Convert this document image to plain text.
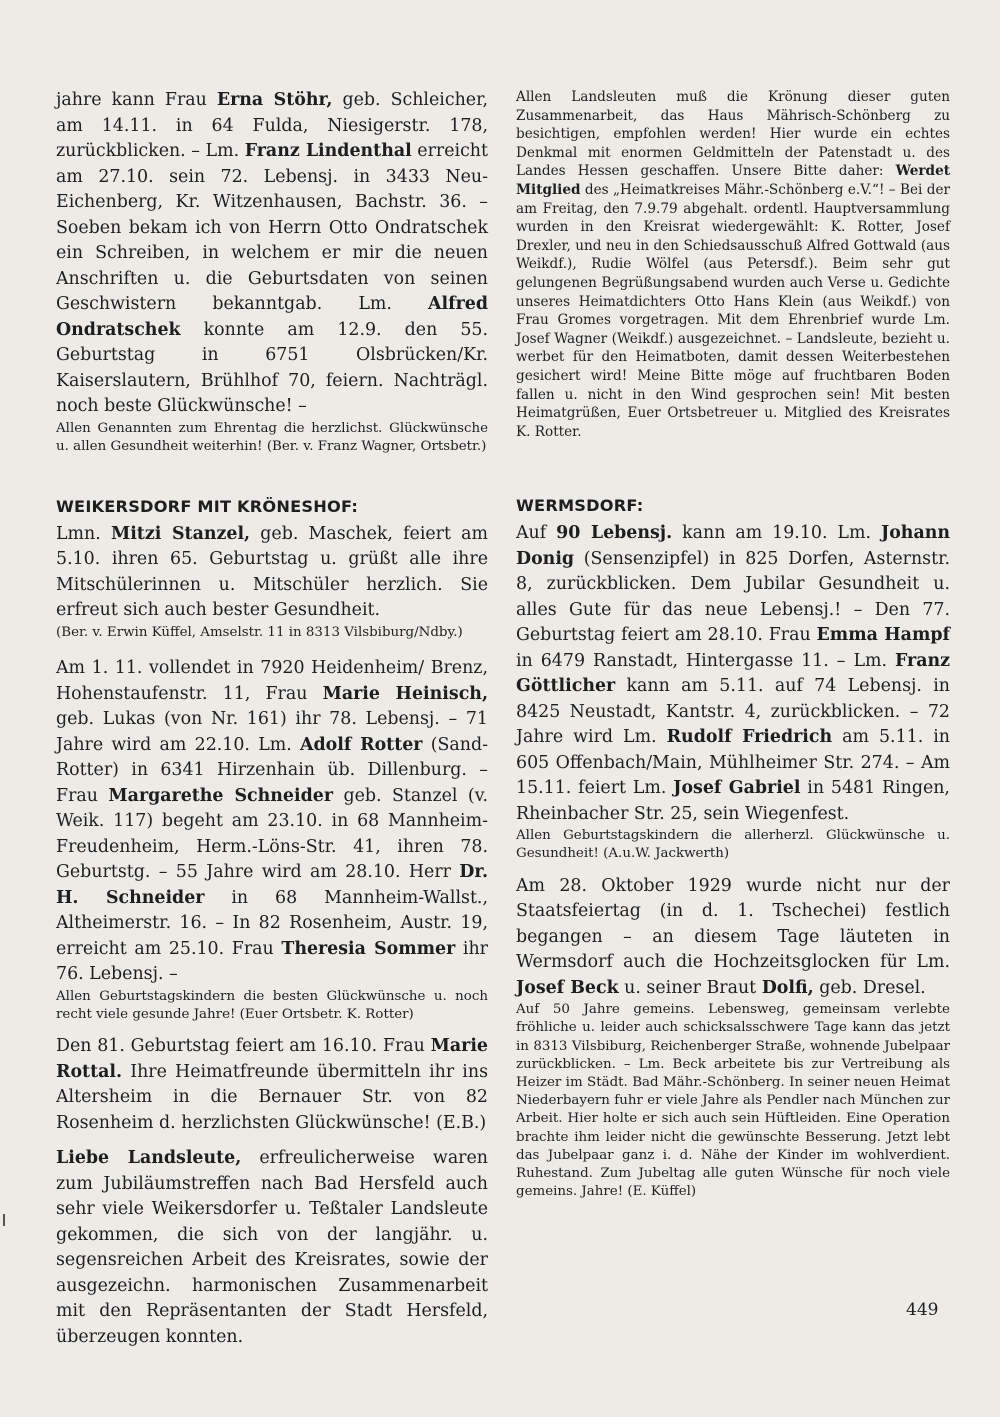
jahre kann Frau Erna Stöhr, geb. Schleicher, am 14.11. in 64 Fulda, Niesigerstr. 178, zurückblicken. – Lm. Franz Lindenthal erreicht am 27.10. sein 72. Lebensj. in 3433 Neu-Eichenberg, Kr. Witzenhausen, Bachstr. 36. – Soeben bekam ich von Herrn Otto Ondratschek ein Schreiben, in welchem er mir die neuen Anschriften u. die Geburtsdaten von seinen Geschwistern bekanntgab. Lm. Alfred Ondratschek konnte am 12.9. den 55. Geburtstag in 6751 Olsbrücken/Kr. Kaiserslautern, Brühlhof 70, feiern. Nachträgl. noch beste Glückwünsche! –

Allen Genannten zum Ehrentag die herzlichst. Glückwünsche u. allen Gesundheit weiterhin! (Ber. v. Franz Wagner, Ortsbetr.)

WEIKERSDORF MIT KRÖNESHOF:

Lmn. Mitzi Stanzel, geb. Maschek, feiert am 5.10. ihren 65. Geburtstag u. grüßt alle ihre Mitschülerinnen u. Mitschüler herzlich. Sie erfreut sich auch bester Gesundheit.

(Ber. v. Erwin Küffel, Amselstr. 11 in 8313 Vilsbiburg/Ndby.)

Am 1. 11. vollendet in 7920 Heidenheim/ Brenz, Hohenstaufenstr. 11, Frau Marie Heinisch, geb. Lukas (von Nr. 161) ihr 78. Lebensj. – 71 Jahre wird am 22.10. Lm. Adolf Rotter (Sand-Rotter) in 6341 Hirzenhain üb. Dillenburg. – Frau Margarethe Schneider geb. Stanzel (v. Weik. 117) begeht am 23.10. in 68 Mannheim-Freudenheim, Herm.-Löns-Str. 41, ihren 78. Geburtstg. – 55 Jahre wird am 28.10. Herr Dr. H. Schneider in 68 Mannheim-Wallst., Altheimerstr. 16. – In 82 Rosenheim, Austr. 19, erreicht am 25.10. Frau Theresia Sommer ihr 76. Lebensj. –

Allen Geburtstagskindern die besten Glückwünsche u. noch recht viele gesunde Jahre! (Euer Ortsbetr. K. Rotter)

Den 81. Geburtstag feiert am 16.10. Frau Marie Rottal. Ihre Heimatfreunde übermitteln ihr ins Altersheim in die Bernauer Str. von 82 Rosenheim d. herzlichsten Glückwünsche! (E.B.)

Liebe Landsleute, erfreulicherweise waren zum Jubiläumstreffen nach Bad Hersfeld auch sehr viele Weikersdorfer u. Teßtaler Landsleute gekommen, die sich von der langjähr. u. segensreichen Arbeit des Kreisrates, sowie der ausgezeichn. harmonischen Zusammenarbeit mit den Repräsentanten der Stadt Hersfeld, überzeugen konnten.

Allen Landsleuten muß die Krönung dieser guten Zusammenarbeit, das Haus Mährisch-Schönberg zu besichtigen, empfohlen werden! Hier wurde ein echtes Denkmal mit enormen Geldmitteln der Patenstadt u. des Landes Hessen geschaffen. Unsere Bitte daher: Werdet Mitglied des „Heimatkreises Mähr.-Schönberg e.V.“! – Bei der am Freitag, den 7.9.79 abgehalt. ordentl. Hauptversammlung wurden in den Kreisrat wiedergewählt: K. Rotter, Josef Drexler, und neu in den Schiedsausschuß Alfred Gottwald (aus Weikdf.), Rudie Wölfel (aus Petersdf.). Beim sehr gut gelungenen Begrüßungsabend wurden auch Verse u. Gedichte unseres Heimatdichters Otto Hans Klein (aus Weikdf.) von Frau Gromes vorgetragen. Mit dem Ehrenbrief wurde Lm. Josef Wagner (Weikdf.) ausgezeichnet. – Landsleute, bezieht u. werbet für den Heimatboten, damit dessen Weiterbestehen gesichert wird! Meine Bitte möge auf fruchtbaren Boden fallen u. nicht in den Wind gesprochen sein! Mit besten Heimatgrüßen, Euer Ortsbetreuer u. Mitglied des Kreisrates K. Rotter.

WERMSDORF:

Auf 90 Lebensj. kann am 19.10. Lm. Johann Donig (Sensenzipfel) in 825 Dorfen, Asternstr. 8, zurückblicken. Dem Jubilar Gesundheit u. alles Gute für das neue Lebensj.! – Den 77. Geburtstag feiert am 28.10. Frau Emma Hampf in 6479 Ranstadt, Hintergasse 11. – Lm. Franz Göttlicher kann am 5.11. auf 74 Lebensj. in 8425 Neustadt, Kantstr. 4, zurückblicken. – 72 Jahre wird Lm. Rudolf Friedrich am 5.11. in 605 Offenbach/Main, Mühlheimer Str. 274. – Am 15.11. feiert Lm. Josef Gabriel in 5481 Ringen, Rheinbacher Str. 25, sein Wiegenfest.

Allen Geburtstagskindern die allerherzl. Glückwünsche u. Gesundheit! (A.u.W. Jackwerth)

Am 28. Oktober 1929 wurde nicht nur der Staatsfeiertag (in d. 1. Tschechei) festlich begangen – an diesem Tage läuteten in Wermsdorf auch die Hochzeitsglocken für Lm. Josef Beck u. seiner Braut Dolfi, geb. Dresel.

Auf 50 Jahre gemeins. Lebensweg, gemeinsam verlebte fröhliche u. leider auch schicksalsschwere Tage kann das jetzt in 8313 Vilsbiburg, Reichenberger Straße, wohnende Jubelpaar zurückblicken. – Lm. Beck arbeitete bis zur Vertreibung als Heizer im Städt. Bad Mähr.-Schönberg. In seiner neuen Heimat Niederbayern fuhr er viele Jahre als Pendler nach München zur Arbeit. Hier holte er sich auch sein Hüftleiden. Eine Operation brachte ihm leider nicht die gewünschte Besserung. Jetzt lebt das Jubelpaar ganz i. d. Nähe der Kinder im wohlverdient. Ruhestand. Zum Jubeltag alle guten Wünsche für noch viele gemeins. Jahre! (E. Küffel)

449
